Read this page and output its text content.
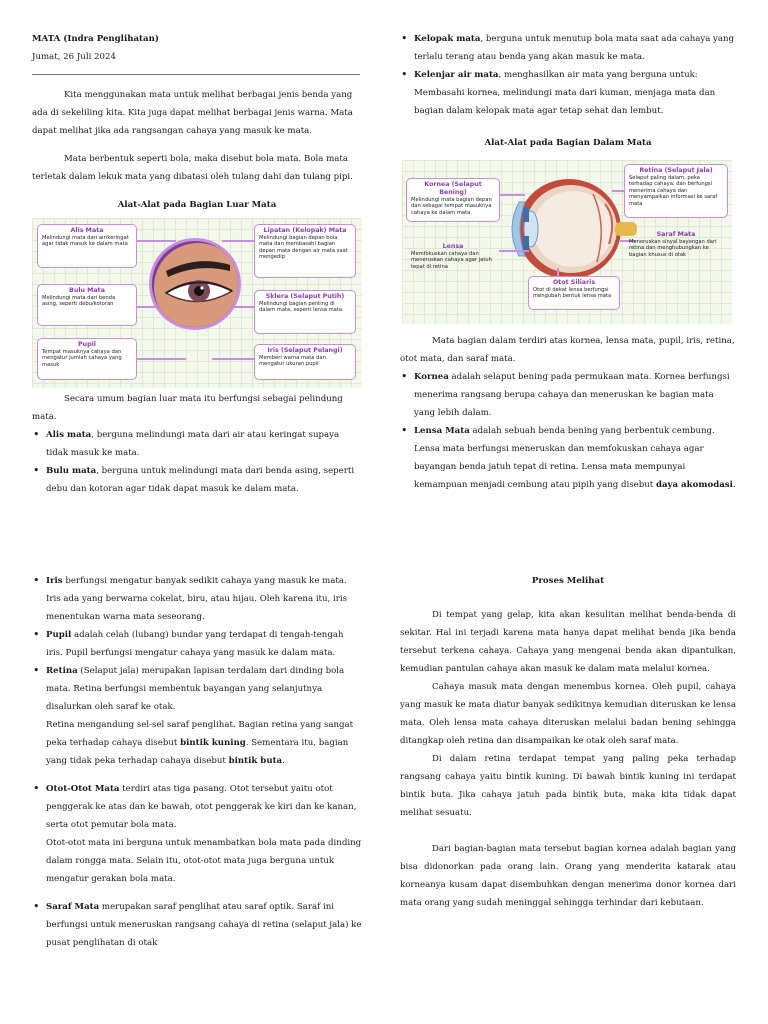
MATA (Indra Penglihatan)

Jumat, 26 Juli 2024

Kita menggunakan mata untuk melihat berbagai jenis benda yang ada di sekeliling kita. Kita juga dapat melihat berbagai jenis warna. Mata dapat melihat jika ada rangsangan cahaya yang masuk ke mata.

Mata berbentuk seperti bola, maka disebut bola mata. Bola mata terletak dalam lekuk mata yang dibatasi oleh tulang dahi dan tulang pipi.

Alat-Alat pada Bagian Luar Mata

Alis Mata
Melindungi mata dari air/keringat agar tidak masuk ke dalam mata
Bulu Mata
Melindungi mata dari benda asing, seperti debu/kotoran
Pupil
Tempat masuknya cahaya dan mengatur jumlah cahaya yang masuk
Lipatan (Kelopak) Mata
Melindungi bagian depan bola mata dan membasahi bagian depan mata dengan air mata saat mengedip
Sklera (Selaput Putih)
Melindungi bagian penting di dalam mata, seperti lensa mata
Iris (Selaput Pelangi)
Memberi warna mata dan mengatur ukuran pupil

Secara umum bagian luar mata itu berfungsi sebagai pelindung mata.

• Alis mata, berguna melindungi mata dari air atau keringat supaya tidak masuk ke mata.
• Bulu mata, berguna untuk melindungi mata dari benda asing, seperti debu dan kotoran agar tidak dapat masuk ke dalam mata.
• Kelopak mata, berguna untuk menutup bola mata saat ada cahaya yang terlalu terang atau benda yang akan masuk ke mata.
• Kelenjar air mata, menghasilkan air mata yang berguna untuk: Membasahi kornea, melindungi mata dari kuman, menjaga mata dan bagian dalam kelopak mata agar tetap sehat dan lembut.

Alat-Alat pada Bagian Dalam Mata

Kornea (Selaput Bening)
Melindungi mata bagian depan dan sebagai tempat masuknya cahaya ke dalam mata
Lensa
Memfokuskan cahaya dan meneruskan cahaya agar jatuh tepat di retina
Otot Siliaris
Otot di dekat lensa berfungsi mengubah bentuk lensa mata
Retina (Selaput Jala)
Selaput paling dalam, peka terhadap cahaya, dan berfungsi menerima cahaya dan menyampaikan informasi ke saraf mata
Saraf Mata
Meneruskan sinyal bayangan dari retina dan menghubungkan ke bagian khusus di otak

Mata bagian dalam terdiri atas kornea, lensa mata, pupil, iris, retina, otot mata, dan saraf mata.

• Kornea adalah selaput bening pada permukaan mata. Kornea berfungsi menerima rangsang berupa cahaya dan meneruskan ke bagian mata yang lebih dalam.
• Lensa Mata adalah sebuah benda bening yang berbentuk cembung. Lensa mata berfungsi meneruskan dan memfokuskan cahaya agar bayangan benda jatuh tepat di retina. Lensa mata mempunyai kemampuan menjadi cembung atau pipih yang disebut daya akomodasi.
• Iris berfungsi mengatur banyak sedikit cahaya yang masuk ke mata. Iris ada yang berwarna cokelat, biru, atau hijau. Oleh karena itu, iris menentukan warna mata seseorang.
• Pupil adalah celah (lubang) bundar yang terdapat di tengah-tengah iris. Pupil berfungsi mengatur cahaya yang masuk ke dalam mata.
• Retina (Selaput jala) merupakan lapisan terdalam dari dinding bola mata. Retina berfungsi membentuk bayangan yang selanjutnya disalurkan oleh saraf ke otak.

Retina mengandung sel-sel saraf penglihat. Bagian retina yang sangat peka terhadap cahaya disebut bintik kuning. Sementara itu, bagian yang tidak peka terhadap cahaya disebut bintik buta.

• Otot-Otot Mata terdiri atas tiga pasang. Otot tersebut yaitu otot penggerak ke atas dan ke bawah, otot penggerak ke kiri dan ke kanan, serta otot pemutar bola mata.

Otot-otot mata ini berguna untuk menambatkan bola mata pada dinding dalam rongga mata. Selain itu, otot-otot mata juga berguna untuk mengatur gerakan bola mata.

• Saraf Mata merupakan saraf penglihat atau saraf optik. Saraf ini berfungsi untuk meneruskan rangsang cahaya di retina (selaput jala) ke pusat penglihatan di otak

Proses Melihat

Di tempat yang gelap, kita akan kesulitan melihat benda-benda di sekitar. Hal ini terjadi karena mata hanya dapat melihat benda jika benda tersebut terkena cahaya. Cahaya yang mengenai benda akan dipantulkan, kemudian pantulan cahaya akan masuk ke dalam mata melalui kornea.

Cahaya masuk mata dengan menembus kornea. Oleh pupil, cahaya yang masuk ke mata diatur banyak sedikitnya kemudian diteruskan ke lensa mata. Oleh lensa mata cahaya diteruskan melalui badan bening sehingga ditangkap oleh retina dan disampaikan ke otak oleh saraf mata.

Di dalam retina terdapat tempat yang paling peka terhadap rangsang cahaya yaitu bintik kuning. Di bawah bintik kuning ini terdapat bintik buta. Jika cahaya jatuh pada bintik buta, maka kita tidak dapat melihat sesuatu.

Dari bagian-bagian mata tersebut bagian kornea adalah bagian yang bisa didonorkan pada orang lain. Orang yang menderita katarak atau korneanya kusam dapat disembuhkan dengan menerima donor kornea dari mata orang yang sudah meninggal sehingga terhindar dari kebutaan.
